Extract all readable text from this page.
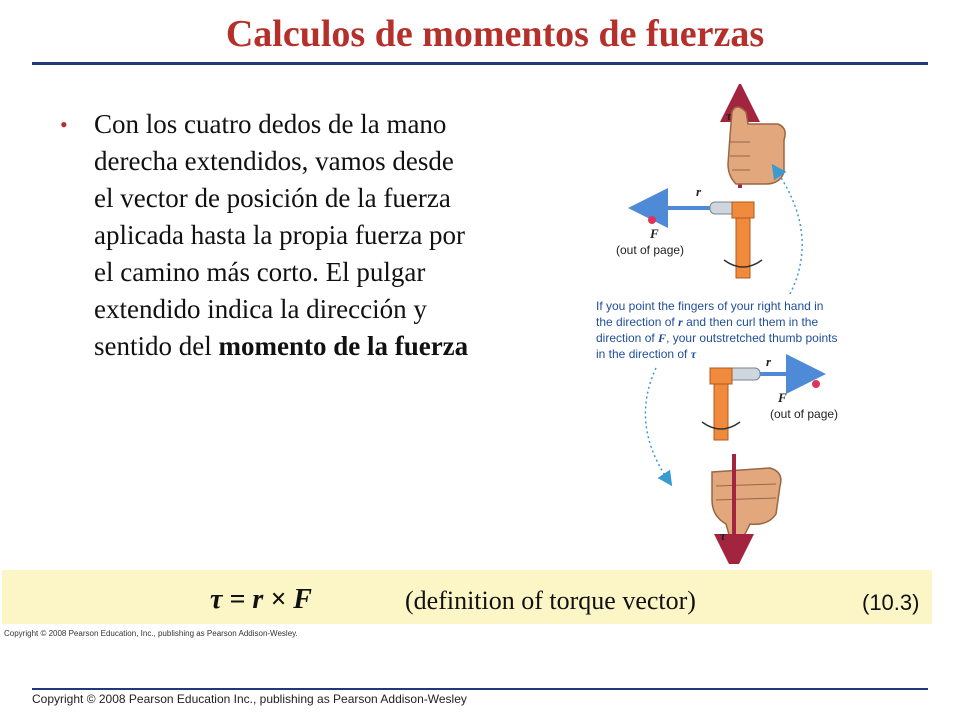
Calculos de momentos de fuerzas
• Con los cuatro dedos de la mano derecha extendidos, vamos desde el vector de posición de la fuerza aplicada hasta la propia fuerza por el camino más corto. El pulgar extendido indica la dirección y sentido del momento de la fuerza
τ
r
F
(out of page)
r
F
(out of page)
τ
If you point the fingers of your right hand in
the direction of r and then curl them in the
direction of F, your outstretched thumb points
in the direction of τ
τ = r × F	(definition of torque vector)	(10.3)
Copyright © 2008 Pearson Education, Inc., publishing as Pearson Addison-Wesley.
Copyright © 2008 Pearson Education Inc., publishing as Pearson Addison-Wesley
